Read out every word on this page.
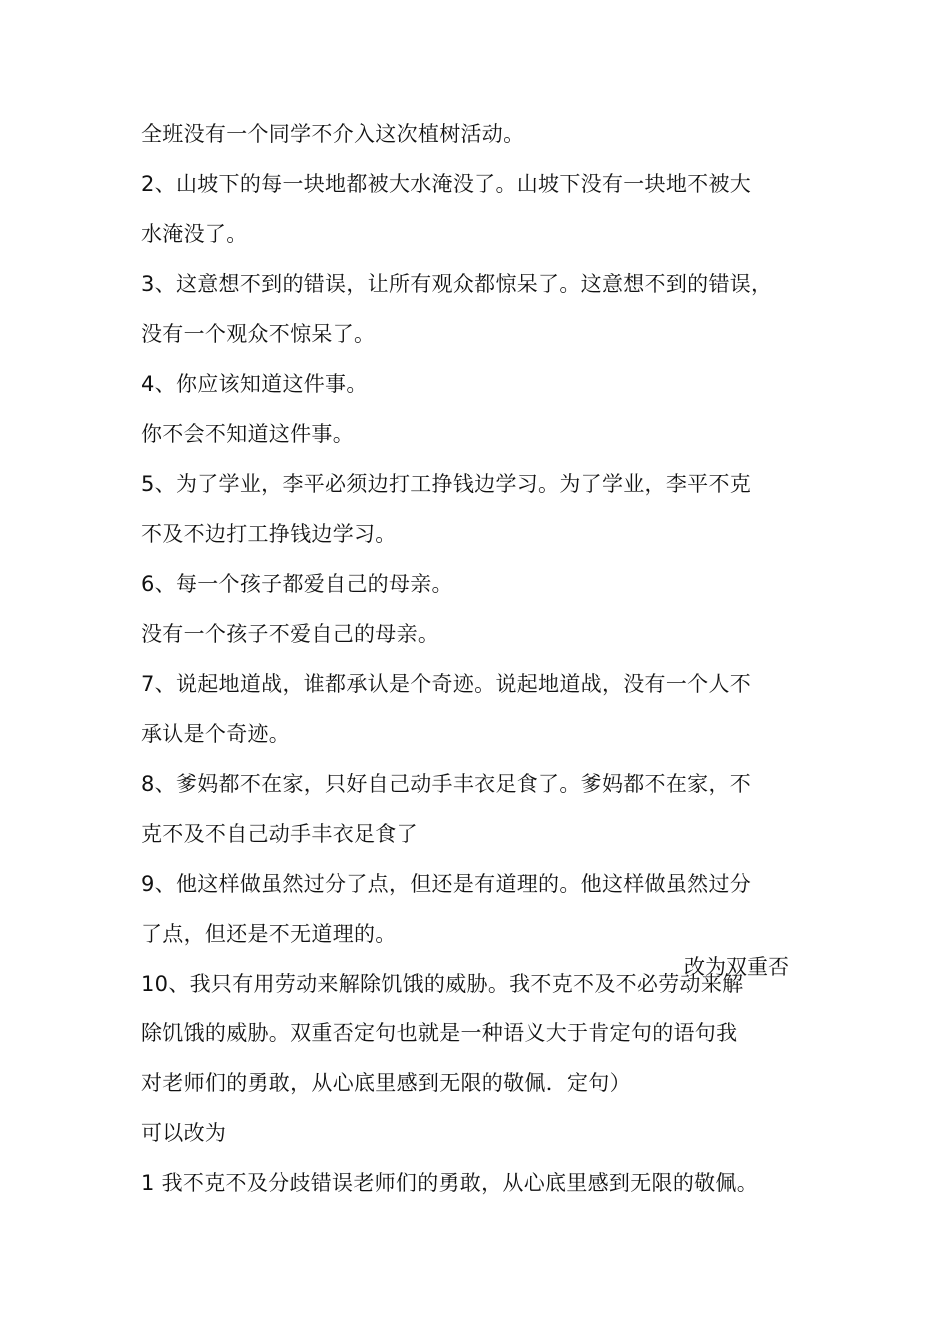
全班没有一个同学不介入这次植树活动。
2、山坡下的每一块地都被大水淹没了。山坡下没有一块地不被大
水淹没了。
3、这意想不到的错误，让所有观众都惊呆了。这意想不到的错误，
没有一个观众不惊呆了。
4、你应该知道这件事。
你不会不知道这件事。
5、为了学业，李平必须边打工挣钱边学习。为了学业，李平不克
不及不边打工挣钱边学习。
6、每一个孩子都爱自己的母亲。
没有一个孩子不爱自己的母亲。
7、说起地道战，谁都承认是个奇迹。说起地道战，没有一个人不
承认是个奇迹。
8、爹妈都不在家，只好自己动手丰衣足食了。爹妈都不在家，不
克不及不自己动手丰衣足食了
9、他这样做虽然过分了点，但还是有道理的。他这样做虽然过分
了点，但还是不无道理的。
10、我只有用劳动来解除饥饿的威胁。我不克不及不必劳动来解
除饥饿的威胁。双重否定句也就是一种语义大于肯定句的语句我
对老师们的勇敢，从心底里感到无限的敬佩．定句）
可以改为
1 我不克不及分歧错误老师们的勇敢，从心底里感到无限的敬佩。
改为双重否
